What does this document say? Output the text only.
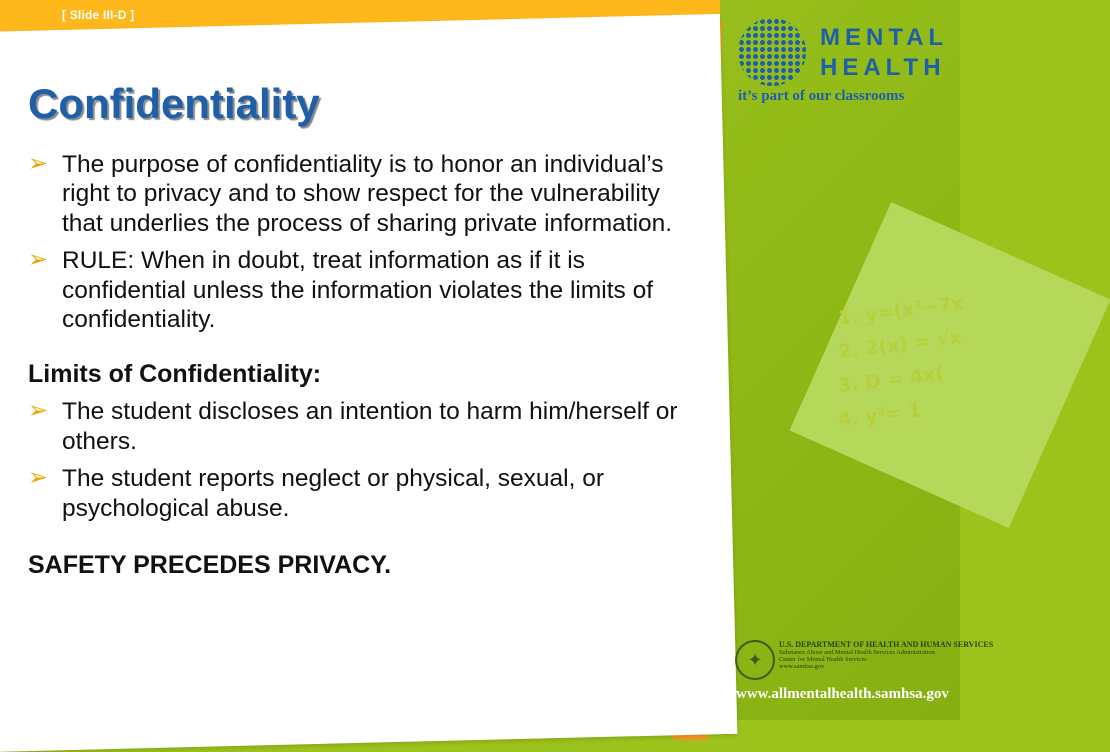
1. y=(x²−7x
2. 2(x) = √x
3. D = 4x(
4. y²= 1
[ Slide III-D ]
Confidentiality
➢ The purpose of confidentiality is to honor an individual’s right to privacy and to show respect for the vulnerability that underlies the process of sharing private information.
➢ RULE: When in doubt, treat information as if it is confidential unless the information violates the limits of confidentiality.
Limits of Confidentiality:
➢ The student discloses an intention to harm him/herself or others.
➢ The student reports neglect or physical, sexual, or psychological abuse.
SAFETY PRECEDES PRIVACY.
MENTAL
HEALTH
it’s part of our classrooms
✦
U.S. DEPARTMENT OF HEALTH AND HUMAN SERVICES
Substance Abuse and Mental Health Services Administration
Center for Mental Health Services
www.samhsa.gov
www.allmentalhealth.samhsa.gov
